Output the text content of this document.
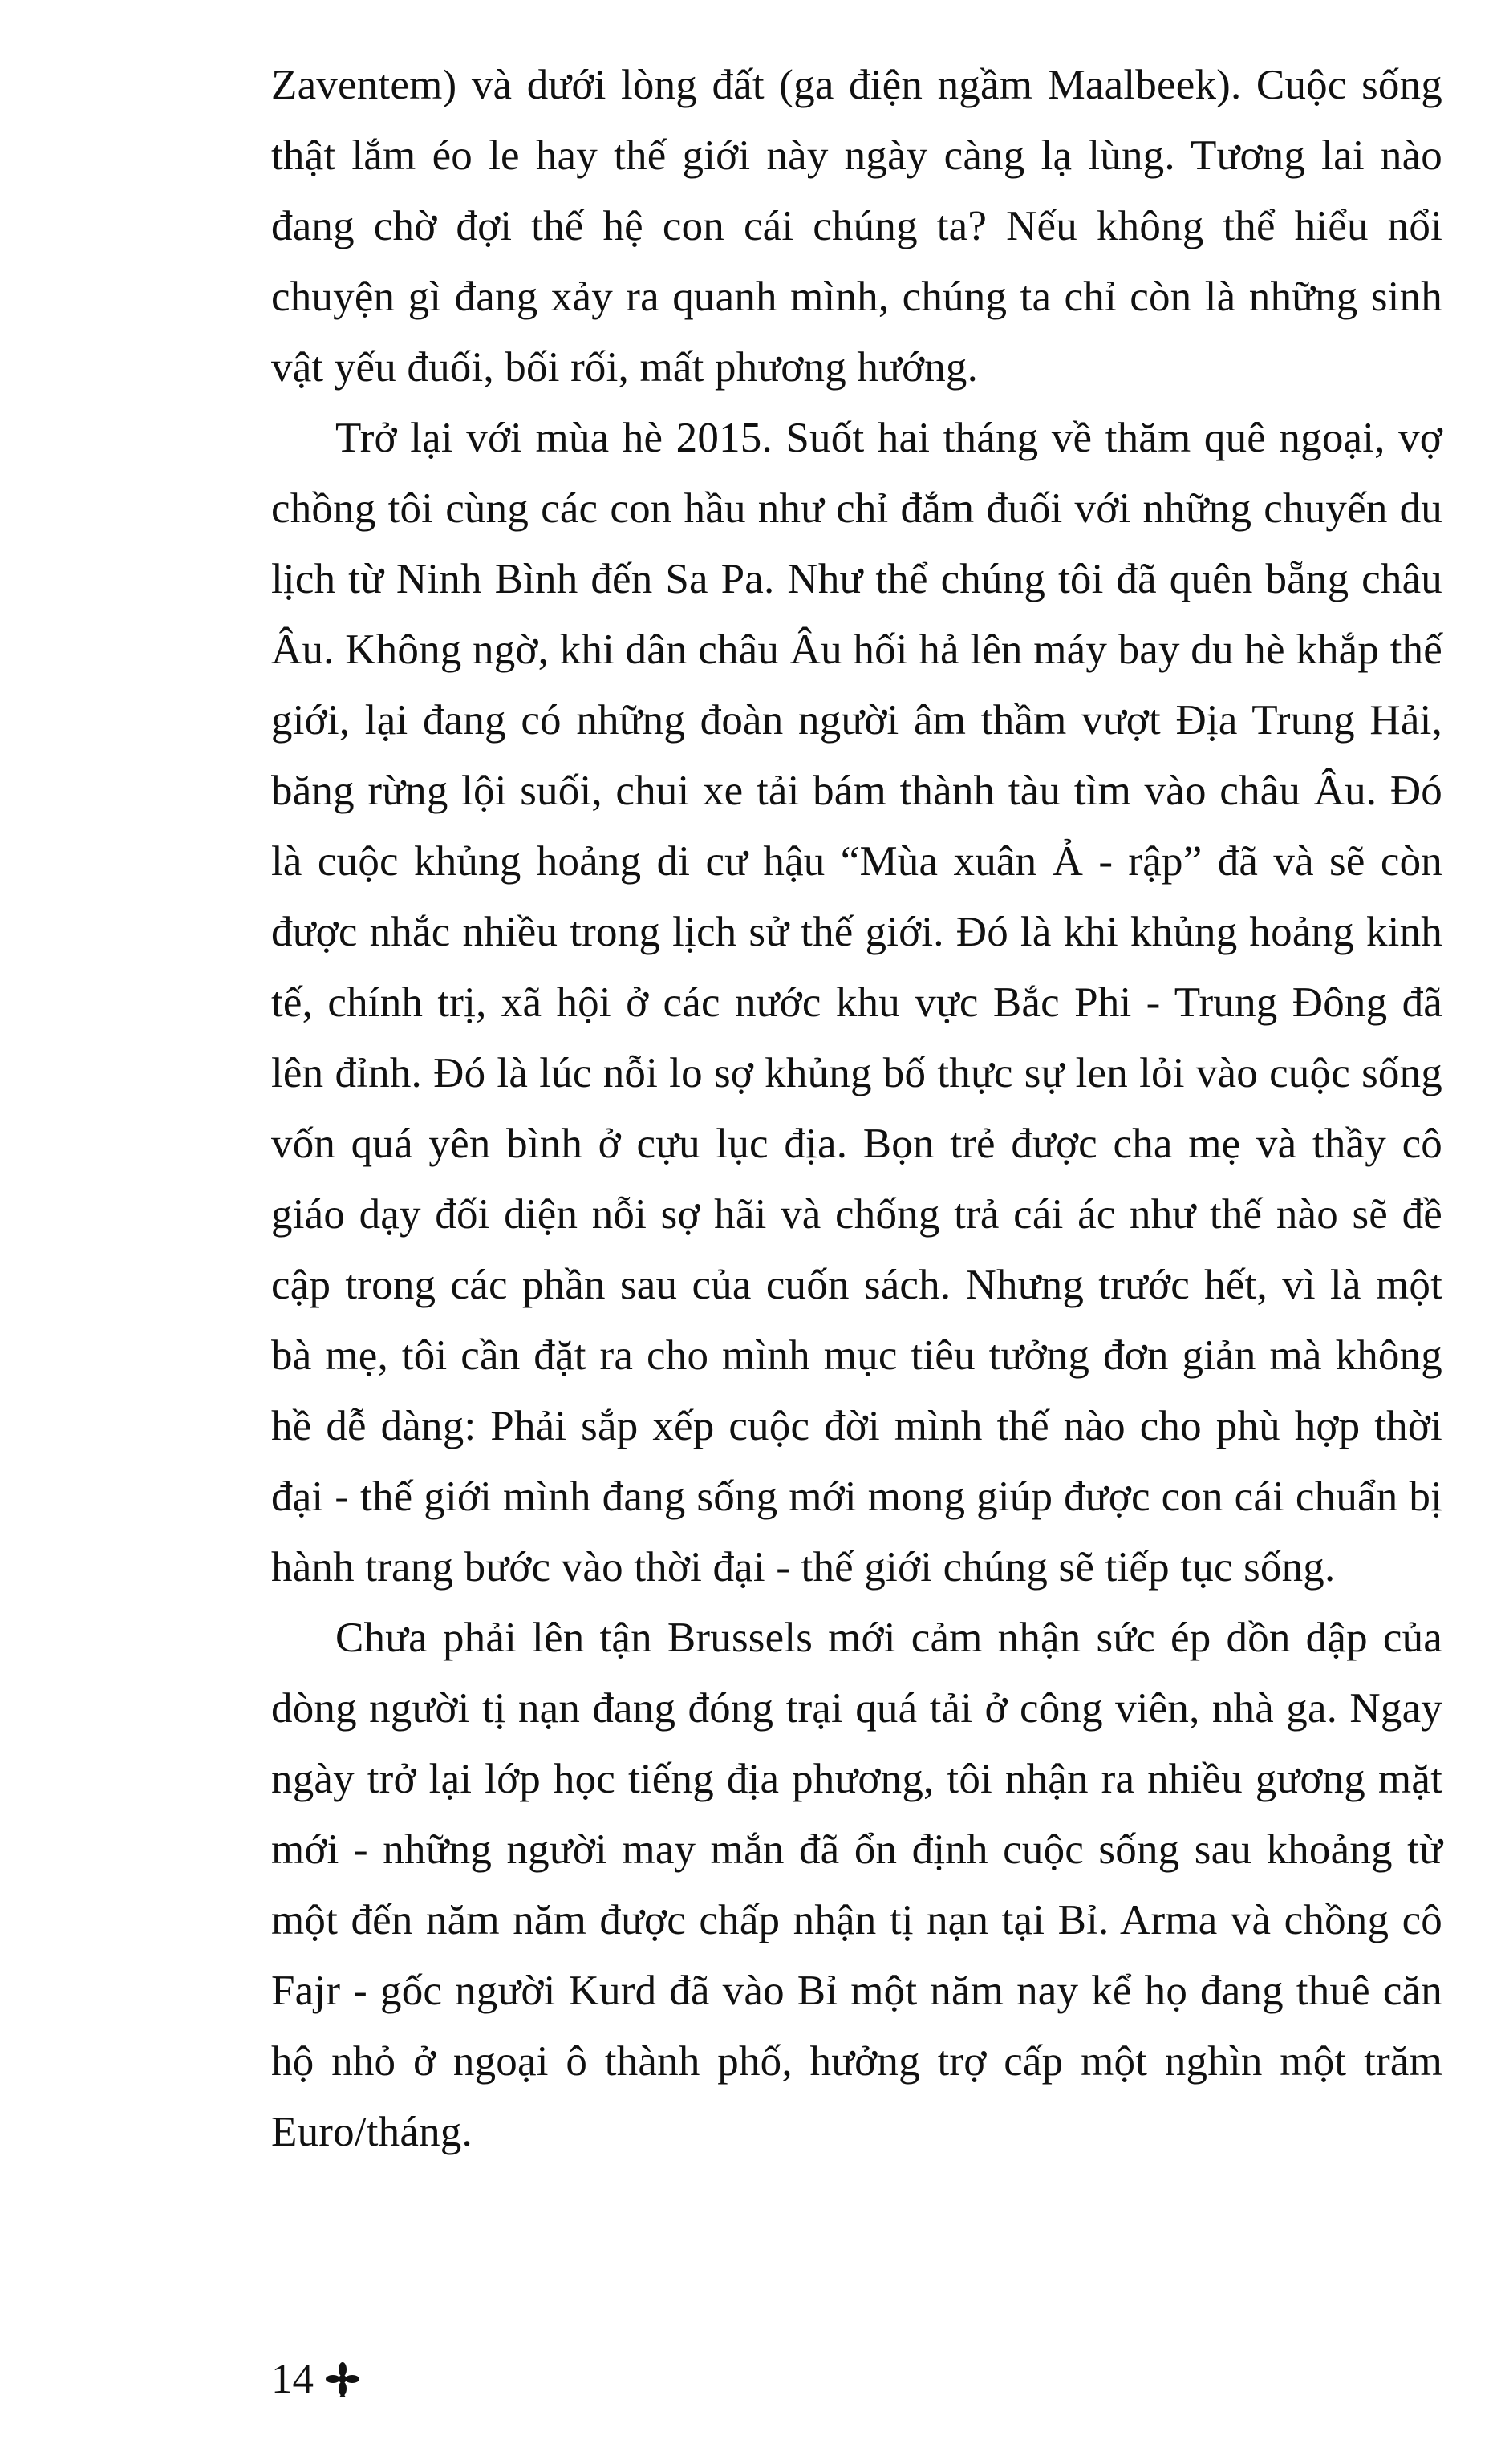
Zaventem) và dưới lòng đất (ga điện ngầm Maalbeek). Cuộc sống thật lắm éo le hay thế giới này ngày càng lạ lùng. Tương lai nào đang chờ đợi thế hệ con cái chúng ta? Nếu không thể hiểu nổi chuyện gì đang xảy ra quanh mình, chúng ta chỉ còn là những sinh vật yếu đuối, bối rối, mất phương hướng.

Trở lại với mùa hè 2015. Suốt hai tháng về thăm quê ngoại, vợ chồng tôi cùng các con hầu như chỉ đắm đuối với những chuyến du lịch từ Ninh Bình đến Sa Pa. Như thể chúng tôi đã quên bẵng châu Âu. Không ngờ, khi dân châu Âu hối hả lên máy bay du hè khắp thế giới, lại đang có những đoàn người âm thầm vượt Địa Trung Hải, băng rừng lội suối, chui xe tải bám thành tàu tìm vào châu Âu. Đó là cuộc khủng hoảng di cư hậu “Mùa xuân Ả - rập” đã và sẽ còn được nhắc nhiều trong lịch sử thế giới. Đó là khi khủng hoảng kinh tế, chính trị, xã hội ở các nước khu vực Bắc Phi - Trung Đông đã lên đỉnh. Đó là lúc nỗi lo sợ khủng bố thực sự len lỏi vào cuộc sống vốn quá yên bình ở cựu lục địa. Bọn trẻ được cha mẹ và thầy cô giáo dạy đối diện nỗi sợ hãi và chống trả cái ác như thế nào sẽ đề cập trong các phần sau của cuốn sách. Nhưng trước hết, vì là một bà mẹ, tôi cần đặt ra cho mình mục tiêu tưởng đơn giản mà không hề dễ dàng: Phải sắp xếp cuộc đời mình thế nào cho phù hợp thời đại - thế giới mình đang sống mới mong giúp được con cái chuẩn bị hành trang bước vào thời đại - thế giới chúng sẽ tiếp tục sống.

Chưa phải lên tận Brussels mới cảm nhận sức ép dồn dập của dòng người tị nạn đang đóng trại quá tải ở công viên, nhà ga. Ngay ngày trở lại lớp học tiếng địa phương, tôi nhận ra nhiều gương mặt mới - những người may mắn đã ổn định cuộc sống sau khoảng từ một đến năm năm được chấp nhận tị nạn tại Bỉ. Arma và chồng cô Fajr - gốc người Kurd đã vào Bỉ một năm nay kể họ đang thuê căn hộ nhỏ ở ngoại ô thành phố, hưởng trợ cấp một nghìn một trăm Euro/tháng.

14
